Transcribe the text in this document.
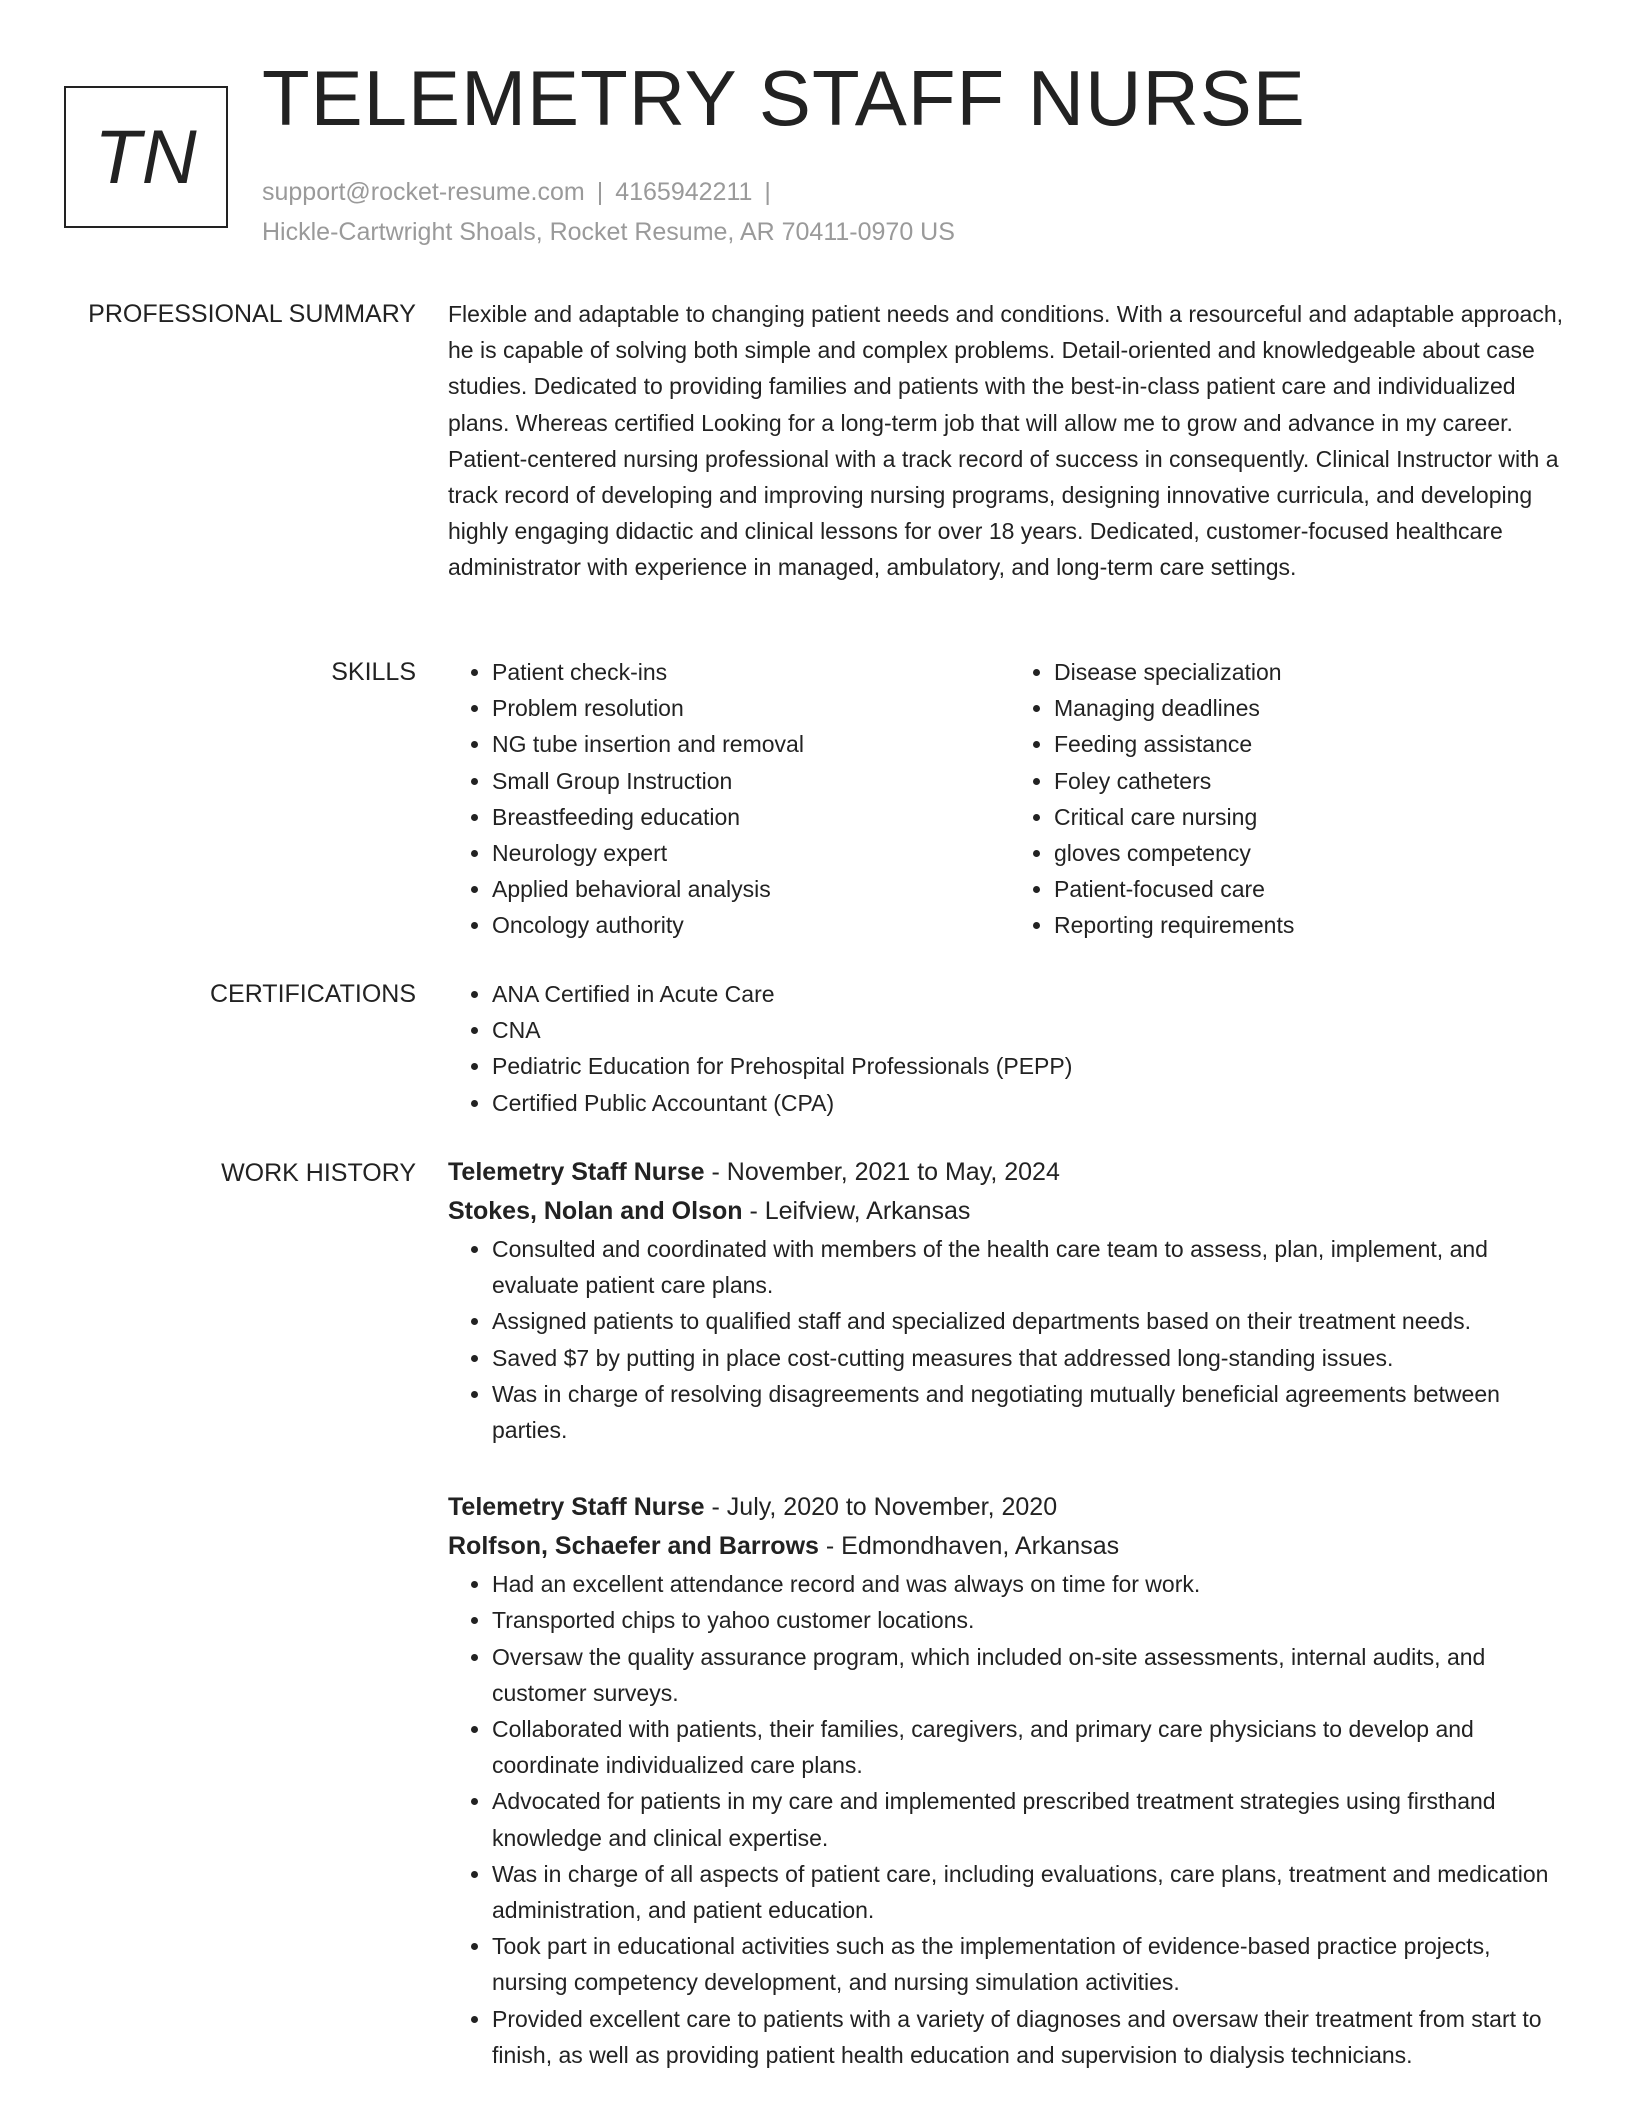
TN
TELEMETRY STAFF NURSE
support@rocket-resume.com | 4165942211 |
Hickle-Cartwright Shoals, Rocket Resume, AR 70411-0970 US
PROFESSIONAL SUMMARY Flexible and adaptable to changing patient needs and conditions. With a resourceful and adaptable approach, he is capable of solving both simple and complex problems. Detail-oriented and knowledgeable about case studies. Dedicated to providing families and patients with the best-in-class patient care and individualized plans. Whereas certified Looking for a long-term job that will allow me to grow and advance in my career. Patient-centered nursing professional with a track record of success in consequently. Clinical Instructor with a track record of developing and improving nursing programs, designing innovative curricula, and developing highly engaging didactic and clinical lessons for over 18 years. Dedicated, customer-focused healthcare administrator with experience in managed, ambulatory, and long-term care settings.

SKILLS	• Patient check-ins
• Problem resolution
• NG tube insertion and removal
• Small Group Instruction
• Breastfeeding education
• Neurology expert
• Applied behavioral analysis
• Oncology authority
• Disease specialization
• Managing deadlines
• Feeding assistance
• Foley catheters
• Critical care nursing
• gloves competency
• Patient-focused care
• Reporting requirements
CERTIFICATIONS	• ANA Certified in Acute Care
• CNA
• Pediatric Education for Prehospital Professionals (PEPP)
• Certified Public Accountant (CPA)
WORK HISTORY Telemetry Staff Nurse - November, 2021 to May, 2024
Stokes, Nolan and Olson - Leifview, Arkansas
• Consulted and coordinated with members of the health care team to assess, plan, implement, and evaluate patient care plans.
• Assigned patients to qualified staff and specialized departments based on their treatment needs.
• Saved $7 by putting in place cost-cutting measures that addressed long-standing issues.
• Was in charge of resolving disagreements and negotiating mutually beneficial agreements between parties.
Telemetry Staff Nurse - July, 2020 to November, 2020
Rolfson, Schaefer and Barrows - Edmondhaven, Arkansas
• Had an excellent attendance record and was always on time for work.
• Transported chips to yahoo customer locations.
• Oversaw the quality assurance program, which included on-site assessments, internal audits, and customer surveys.
• Collaborated with patients, their families, caregivers, and primary care physicians to develop and coordinate individualized care plans.
• Advocated for patients in my care and implemented prescribed treatment strategies using firsthand knowledge and clinical expertise.
• Was in charge of all aspects of patient care, including evaluations, care plans, treatment and medication administration, and patient education.
• Took part in educational activities such as the implementation of evidence-based practice projects, nursing competency development, and nursing simulation activities.
• Provided excellent care to patients with a variety of diagnoses and oversaw their treatment from start to finish, as well as providing patient health education and supervision to dialysis technicians.
